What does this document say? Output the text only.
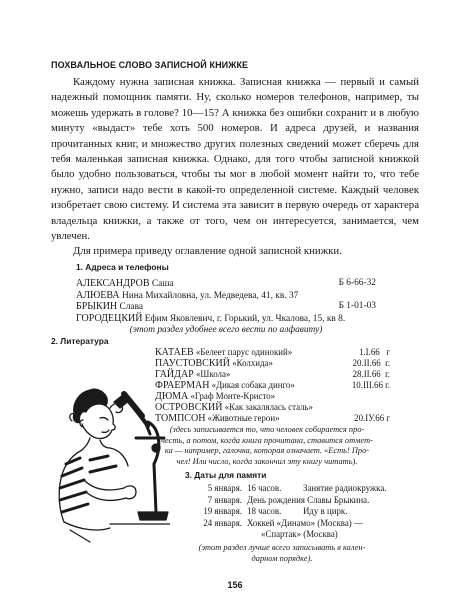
ПОХВАЛЬНОЕ СЛОВО ЗАПИСНОЙ КНИЖКЕ

Каждому нужна записная книжка. Записная книжка — первый и самый надежный помощник памяти. Ну, сколько номеров телефонов, например, ты можешь удержать в голове? 10—15? А книжка без ошибки сохранит и в любую минуту «выдаст» тебе хоть 500 номеров. И адреса друзей, и названия прочитанных книг, и множество других полезных сведений может сберечь для тебя маленькая записная книжка. Однако, для того чтобы записной книжкой было удобно пользоваться, чтобы ты мог в любой момент найти то, что тебе нужно, записи надо вести в какой-то определенной системе. Каждый человек изобретает свою систему. И система эта зависит в первую очередь от характера владельца книжки, а также от того, чем он интересуется, занимается, чем увлечен.

Для примера приведу оглавление одной записной книжки.

1. Адреса и телефоны
АЛЕКСАНДРОВ Саша	Б 6-66-32
АЛЮЕВА Нина Михайловна, ул. Медведева, 41, кв. 37
БРЫКИН Слава	Б 1-01-03
ГОРОДЕЦКИЙ Ефим Яковлевич, г. Горький, ул. Чкалова, 15, кв 8.
(этот раздел удобнее всего вести по алфавиту)
2. Литература
КАТАЕВ «Белеет парус одинокий»	1.I.66 г
ПАУСТОВСКИЙ «Колхида»	20.II.66 г.
ГАЙДАР «Школа»	28.II.66 г.
ФРАЕРМАН «Дикая собака динго»	10.III.66 г.
ДЮМА «Граф Монте-Кристо»
ОСТРОВСКИЙ «Как закалялась сталь»
ТОМПСОН «Животные герои»	20.IУ.66 г
(здесь записывается то, что человек собирается про-
честь, а потом, когда книга прочитана, ставится отмет-
ка — например, галочка, которая означает. «Есть! Про-
чел! Или число, когда закончил эту книгу читать).
3. Даты для памяти
5 января. 16 часов. Занятие радиокружка.
7 января. День рождения Славы Брыкина.
19 января. 18 часов. Иду в цирк.
24 января. Хоккей «Динамо» (Москва) —
«Спартак» (Москва)
(этот раздел лучше всего записывать в кален-
дарном порядке).
156
